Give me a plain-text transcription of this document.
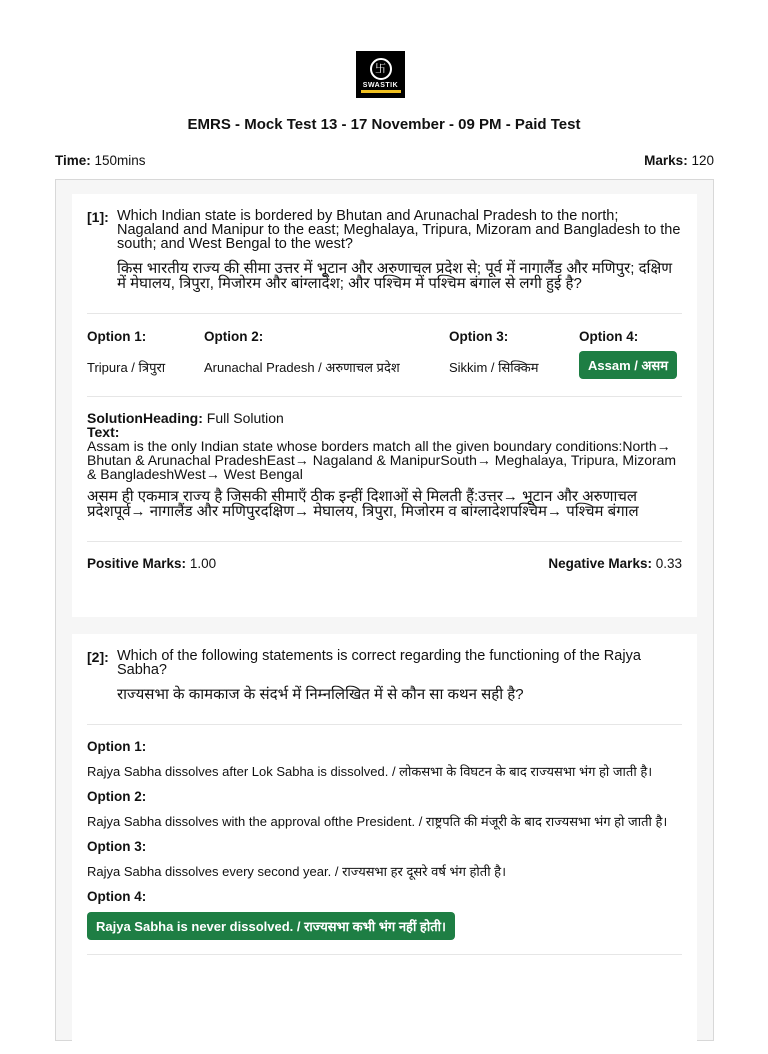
卐
SWASTIK
EMRS - Mock Test 13 - 17 November - 09 PM - Paid Test
Time: 150mins	Marks: 120
[1]: Which Indian state is bordered by Bhutan and Arunachal Pradesh to the north; Nagaland and Manipur to the east; Meghalaya, Tripura, Mizoram and Bangladesh to the south; and West Bengal to the west?
किस भारतीय राज्य की सीमा उत्तर में भूटान और अरुणाचल प्रदेश से; पूर्व में नागालैंड और मणिपुर; दक्षिण में मेघालय, त्रिपुरा, मिजोरम और बांग्लादेश; और पश्चिम में पश्चिम बंगाल से लगी हुई है?
Option 1:
Tripura / त्रिपुरा
Option 2:
Arunachal Pradesh / अरुणाचल प्रदेश
Option 3:
Sikkim / सिक्किम
Option 4:
Assam / असम
SolutionHeading: Full Solution
Text:
Assam is the only Indian state whose borders match all the given boundary conditions:North→ Bhutan & Arunachal PradeshEast→ Nagaland & ManipurSouth→ Meghalaya, Tripura, Mizoram & BangladeshWest→ West Bengal
असम ही एकमात्र राज्य है जिसकी सीमाएँ ठीक इन्हीं दिशाओं से मिलती हैं:उत्तर→ भूटान और अरुणाचल प्रदेशपूर्व→ नागालैंड और मणिपुरदक्षिण→ मेघालय, त्रिपुरा, मिजोरम व बांग्लादेशपश्चिम→ पश्चिम बंगाल
Positive Marks: 1.00	Negative Marks: 0.33
[2]: Which of the following statements is correct regarding the functioning of the Rajya Sabha?
राज्यसभा के कामकाज के संदर्भ में निम्नलिखित में से कौन सा कथन सही है?
Option 1:
Rajya Sabha dissolves after Lok Sabha is dissolved. / लोकसभा के विघटन के बाद राज्यसभा भंग हो जाती है।
Option 2:
Rajya Sabha dissolves with the approval ofthe President. / राष्ट्रपति की मंजूरी के बाद राज्यसभा भंग हो जाती है।
Option 3:
Rajya Sabha dissolves every second year. / राज्यसभा हर दूसरे वर्ष भंग होती है।
Option 4:
Rajya Sabha is never dissolved. / राज्यसभा कभी भंग नहीं होती।
